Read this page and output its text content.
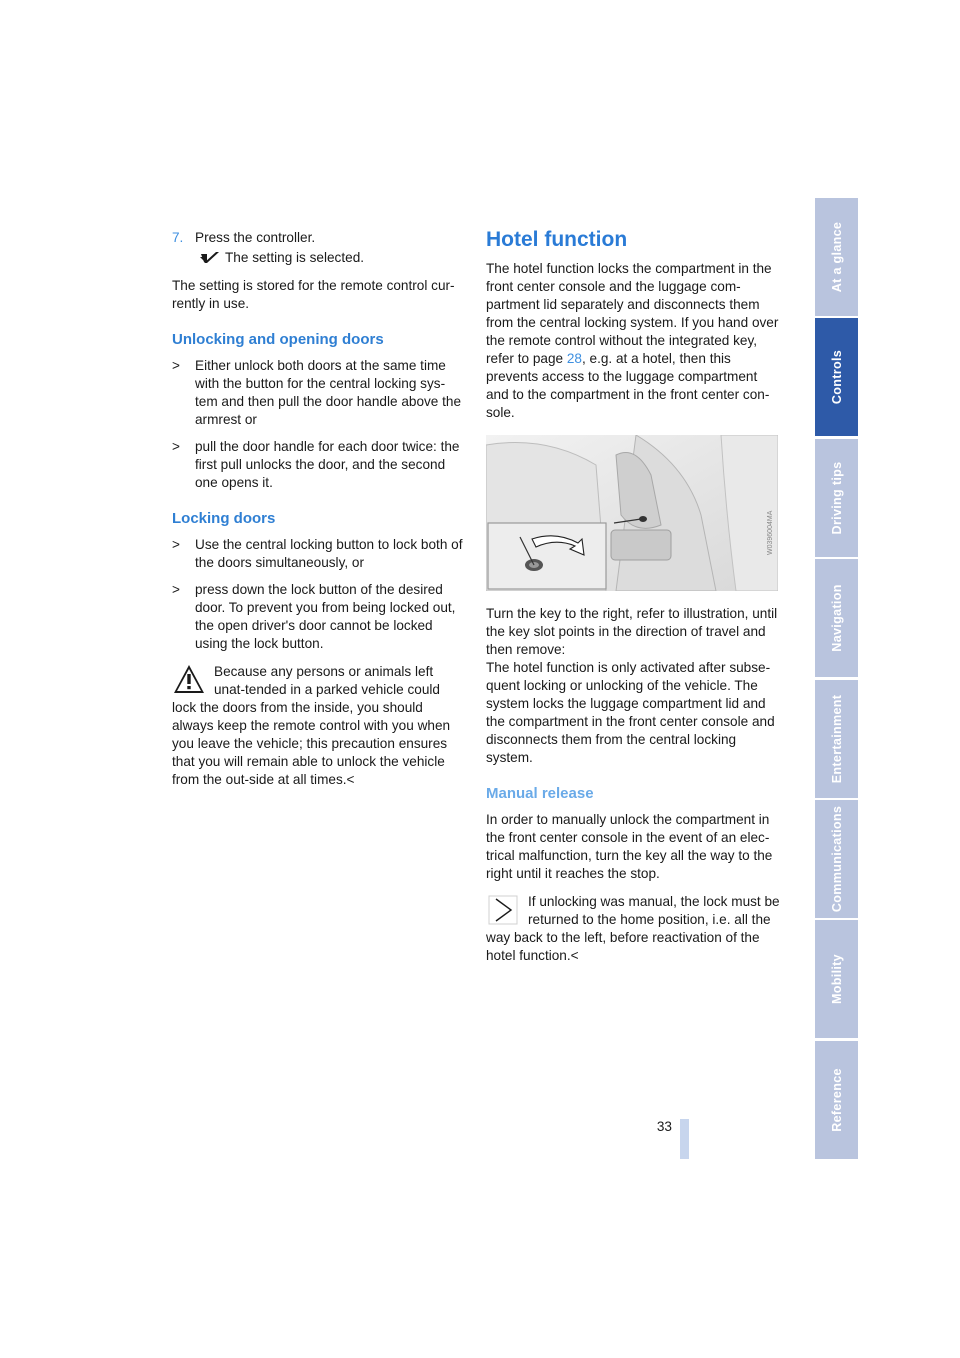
7. Press the controller.
The setting is selected.

The setting is stored for the remote control cur-rently in use.

Unlocking and opening doors
> Either unlock both doors at the same time with the button for the central locking sys-tem and then pull the door handle above the armrest or
> pull the door handle for each door twice: the first pull unlocks the door, and the second one opens it.
Locking doors
> Use the central locking button to lock both of the doors simultaneously, or
> press down the lock button of the desired door. To prevent you from being locked out, the open driver's door cannot be locked using the lock button.
Because any persons or animals left unat-tended in a parked vehicle could lock the doors from the inside, you should always keep the remote control with you when you leave the vehicle; this precaution ensures that you will remain able to unlock the vehicle from the out-side at all times.<
Hotel function

The hotel function locks the compartment in the front center console and the luggage com-partment lid separately and disconnects them from the central locking system. If you hand over the remote control without the integrated key, refer to page 28, e.g. at a hotel, then this prevents access to the luggage compartment and to the compartment in the front center con-sole.

W0396004MA

Turn the key to the right, refer to illustration, until the key slot points in the direction of travel and then remove:

The hotel function is only activated after subse-quent locking or unlocking of the vehicle. The system locks the luggage compartment lid and the compartment in the front center console and disconnects them from the central locking system.

Manual release

In order to manually unlock the compartment in the front center console in the event of an elec-trical malfunction, turn the key all the way to the right until it reaches the stop.

If unlocking was manual, the lock must be returned to the home position, i.e. all the way back to the left, before reactivation of the hotel function.<
At a glance
Controls
Driving tips
Navigation
Entertainment
Communications
Mobility
Reference
33
